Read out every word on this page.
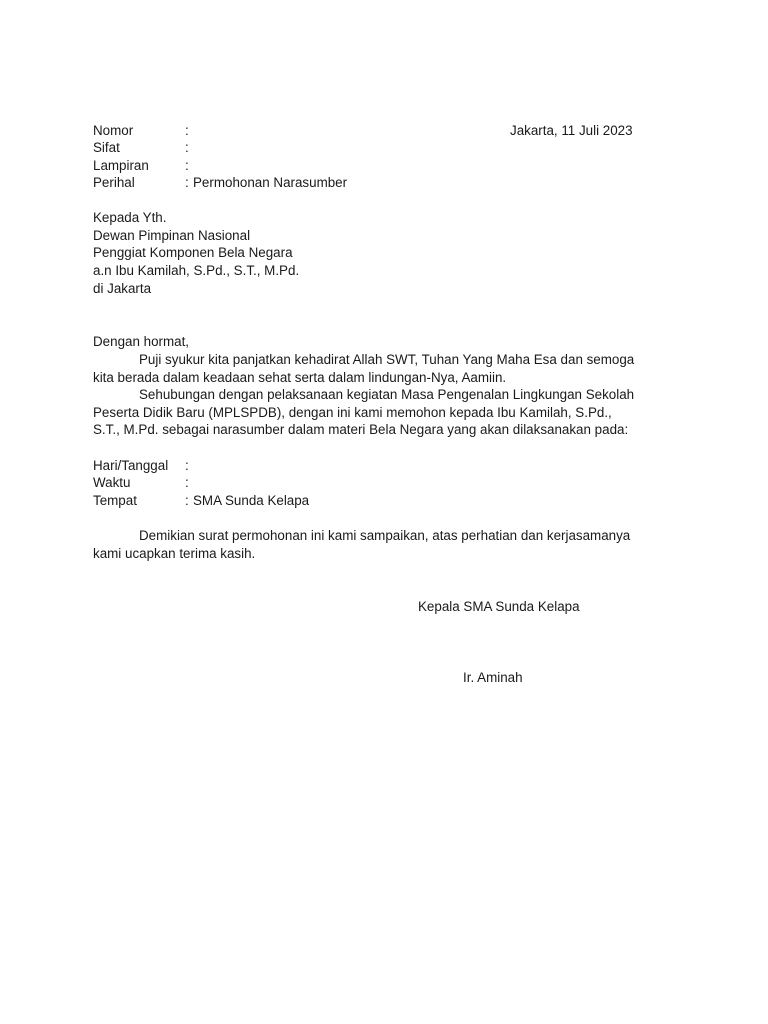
Nomor	:	Jakarta, 11 Juli 2023
Sifat	:
Lampiran	:
Perihal	: Permohonan Narasumber
Kepada Yth.
Dewan Pimpinan Nasional
Penggiat Komponen Bela Negara
a.n Ibu Kamilah, S.Pd., S.T., M.Pd.
di Jakarta
Dengan hormat,
Puji syukur kita panjatkan kehadirat Allah SWT, Tuhan Yang Maha Esa dan semoga
kita berada dalam keadaan sehat serta dalam lindungan-Nya, Aamiin.
Sehubungan dengan pelaksanaan kegiatan Masa Pengenalan Lingkungan Sekolah
Peserta Didik Baru (MPLSPDB), dengan ini kami memohon kepada Ibu Kamilah, S.Pd.,
S.T., M.Pd. sebagai narasumber dalam materi Bela Negara yang akan dilaksanakan pada:
Hari/Tanggal :
Waktu	:
Tempat	: SMA Sunda Kelapa
Demikian surat permohonan ini kami sampaikan, atas perhatian dan kerjasamanya
kami ucapkan terima kasih.
Kepala SMA Sunda Kelapa
Ir. Aminah
